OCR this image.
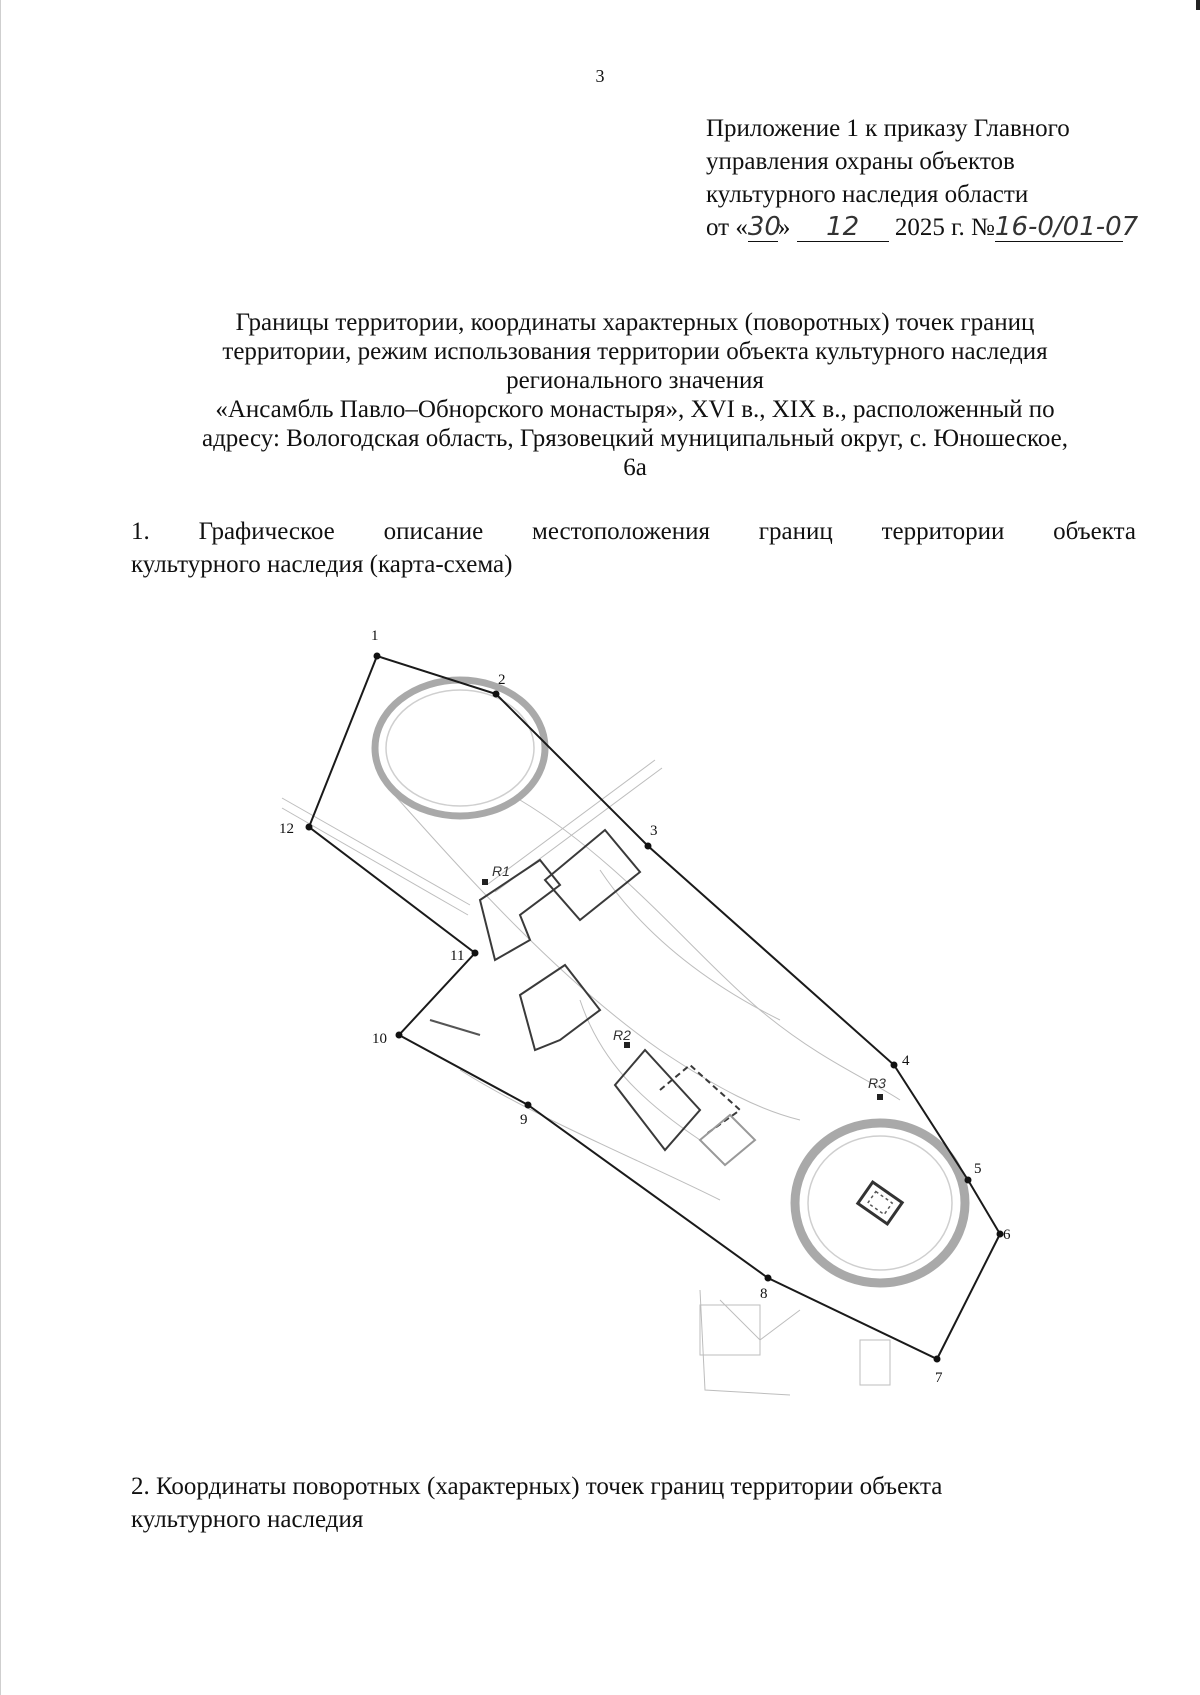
3
Приложение 1 к приказу Главного
управления охраны объектов
культурного наследия области
от «30» 12 2025 г. №16-0/01-07
Границы территории, координаты характерных (поворотных) точек границ
территории, режим использования территории объекта культурного наследия
регионального значения
«Ансамбль Павло–Обнорского монастыря», XVI в., XIX в., расположенный по
адресу: Вологодская область, Грязовецкий муниципальный округ, с. Юношеское,
6а
1. Графическое описание местоположения границ территории объекта
культурного наследия (карта-схема)
1
2
3
4
5
6
7
8
9
10
11
12
R1
R2
R3
2. Координаты поворотных (характерных) точек границ территории объекта
культурного наследия
